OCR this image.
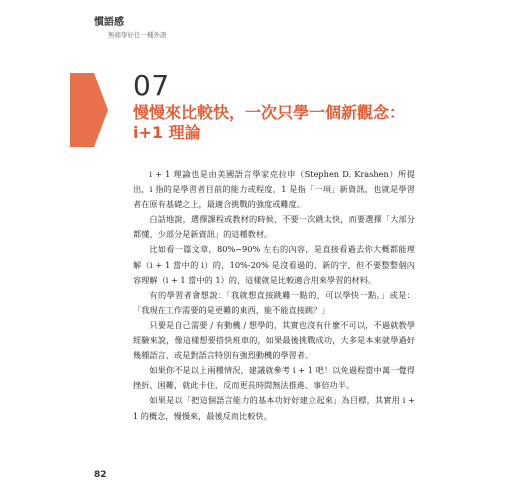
慣語感
無痛學好任一種外語
07
慢慢來比較快，一次只學一個新觀念：
i+1 理論

i + 1 理論也是由美國語言學家克拉申（Stephen D. Krashen）所提出，i 指的是學習者目前的能力或程度，1 是指「一項」新資訊，也就是學習者在原有基礎之上，最適合挑戰的強度或難度。

白話地說，選擇課程或教材的時候，不要一次跳太快，而要選擇「大部分都懂、少部分是新資訊」的這種教材。

比如看一篇文章，80%~90% 左右的內容，是直接看過去你大概都能理解（i + 1 當中的 i）的，10%-20% 是沒看過的、新的字，但不要整整個內容理解（i + 1 當中的 1）的，這樣就是比較適合用來學習的材料。

有的學習者會想說：「我就想直接跳難一點的，可以學快一點。」或是：「我現在工作需要的是更難的東西，能不能直接跳？」

只要是自己需要 / 有動機 / 想學的，其實也沒有什麼不可以，不過就教學經驗來說，像這樣想要搭快班車的，如果最後挑戰成功，大多是本來就學過好幾種語言、或是對語言特別有強烈動機的學習者。

如果你不是以上兩種情況，建議就參考 i + 1 吧！以免過程當中萬一覺得挫折、困難，就此卡住，反而更長時間無法推進、事倍功半。

如果是以「把這個語言能力的基本功好好建立起來」為目標，其實用 i + 1 的概念，慢慢來，最後反而比較快。

82
